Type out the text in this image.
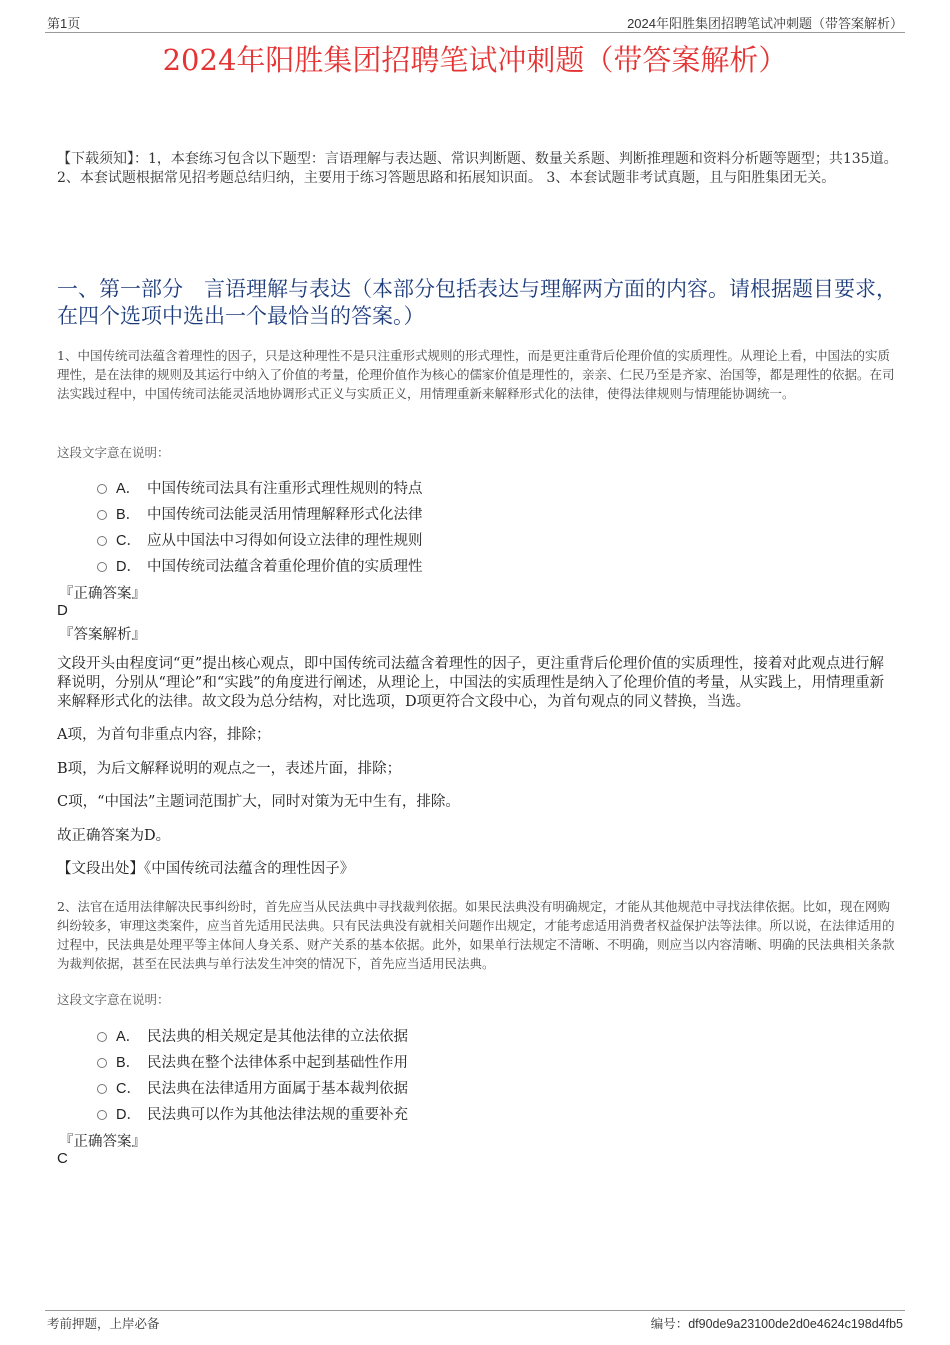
第1页	2024年阳胜集团招聘笔试冲刺题（带答案解析）
2024年阳胜集团招聘笔试冲刺题（带答案解析）
【下载须知】：1，本套练习包含以下题型：言语理解与表达题、常识判断题、数量关系题、判断推理题和资料分析题等题型；共135道。 2、本套试题根据常见招考题总结归纳，主要用于练习答题思路和拓展知识面。 3、本套试题非考试真题，且与阳胜集团无关。
一、第一部分　言语理解与表达（本部分包括表达与理解两方面的内容。请根据题目要求，在四个选项中选出一个最恰当的答案。）
1、中国传统司法蕴含着理性的因子，只是这种理性不是只注重形式规则的形式理性，而是更注重背后伦理价值的实质理性。从理论上看，中国法的实质理性，是在法律的规则及其运行中纳入了价值的考量，伦理价值作为核心的儒家价值是理性的，亲亲、仁民乃至是齐家、治国等，都是理性的依据。在司法实践过程中，中国传统司法能灵活地协调形式正义与实质正义，用情理重新来解释形式化的法律，使得法律规则与情理能协调统一。
这段文字意在说明：
A． 中国传统司法具有注重形式理性规则的特点
B． 中国传统司法能灵活用情理解释形式化法律
C． 应从中国法中习得如何设立法律的理性规则
D． 中国传统司法蕴含着重伦理价值的实质理性
『正确答案』
D
『答案解析』
文段开头由程度词“更”提出核心观点，即中国传统司法蕴含着理性的因子，更注重背后伦理价值的实质理性，接着对此观点进行解释说明，分别从“理论”和“实践”的角度进行阐述，从理论上，中国法的实质理性是纳入了伦理价值的考量，从实践上，用情理重新来解释形式化的法律。故文段为总分结构，对比选项，D项更符合文段中心，为首句观点的同义替换，当选。
A项，为首句非重点内容，排除；
B项，为后文解释说明的观点之一，表述片面，排除；
C项，“中国法”主题词范围扩大，同时对策为无中生有，排除。
故正确答案为D。
【文段出处】《中国传统司法蕴含的理性因子》
2、法官在适用法律解决民事纠纷时，首先应当从民法典中寻找裁判依据。如果民法典没有明确规定，才能从其他规范中寻找法律依据。比如，现在网购纠纷较多，审理这类案件，应当首先适用民法典。只有民法典没有就相关问题作出规定，才能考虑适用消费者权益保护法等法律。所以说，在法律适用的过程中，民法典是处理平等主体间人身关系、财产关系的基本依据。此外，如果单行法规定不清晰、不明确，则应当以内容清晰、明确的民法典相关条款为裁判依据，甚至在民法典与单行法发生冲突的情况下，首先应当适用民法典。
这段文字意在说明：
A． 民法典的相关规定是其他法律的立法依据
B． 民法典在整个法律体系中起到基础性作用
C． 民法典在法律适用方面属于基本裁判依据
D． 民法典可以作为其他法律法规的重要补充
『正确答案』
C
考前押题，上岸必备	编号：df90de9a23100de2d0e4624c198d4fb5
